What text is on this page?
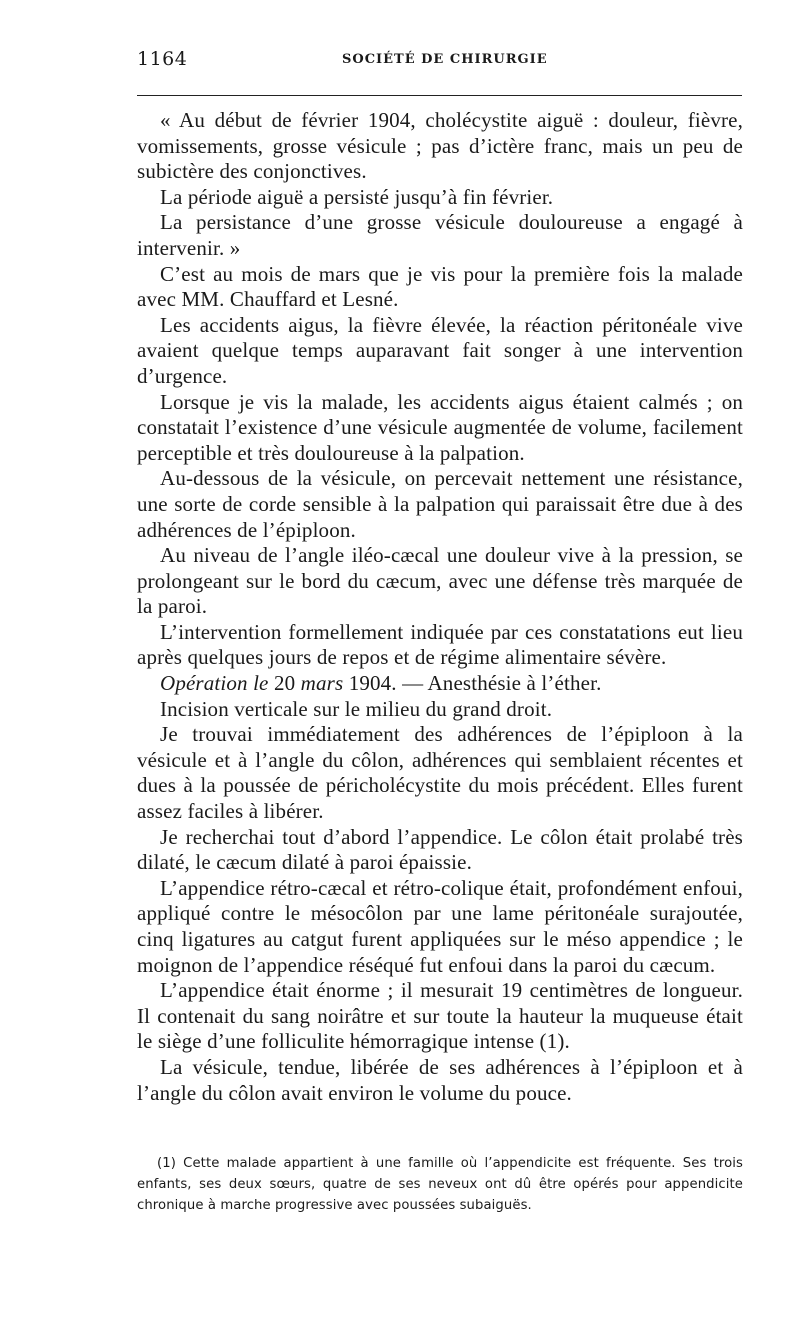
1164	SOCIÉTÉ DE CHIRURGIE

« Au début de février 1904, cholécystite aiguë : douleur, fièvre, vomissements, grosse vésicule ; pas d’ictère franc, mais un peu de subictère des conjonctives.

La période aiguë a persisté jusqu’à fin février.

La persistance d’une grosse vésicule douloureuse a engagé à intervenir. »

C’est au mois de mars que je vis pour la première fois la malade avec MM. Chauffard et Lesné.

Les accidents aigus, la fièvre élevée, la réaction péritonéale vive avaient quelque temps auparavant fait songer à une intervention d’urgence.

Lorsque je vis la malade, les accidents aigus étaient calmés ; on constatait l’existence d’une vésicule augmentée de volume, facilement perceptible et très douloureuse à la palpation.

Au-dessous de la vésicule, on percevait nettement une résistance, une sorte de corde sensible à la palpation qui paraissait être due à des adhérences de l’épiploon.

Au niveau de l’angle iléo-cæcal une douleur vive à la pression, se prolongeant sur le bord du cæcum, avec une défense très marquée de la paroi.

L’intervention formellement indiquée par ces constatations eut lieu après quelques jours de repos et de régime alimentaire sévère.

Opération le 20 mars 1904. — Anesthésie à l’éther.

Incision verticale sur le milieu du grand droit.

Je trouvai immédiatement des adhérences de l’épiploon à la vésicule et à l’angle du côlon, adhérences qui semblaient récentes et dues à la poussée de péricholécystite du mois précédent. Elles furent assez faciles à libérer.

Je recherchai tout d’abord l’appendice. Le côlon était prolabé très dilaté, le cæcum dilaté à paroi épaissie.

L’appendice rétro-cæcal et rétro-colique était, profondément enfoui, appliqué contre le mésocôlon par une lame péritonéale surajoutée, cinq ligatures au catgut furent appliquées sur le méso appendice ; le moignon de l’appendice réséqué fut enfoui dans la paroi du cæcum.

L’appendice était énorme ; il mesurait 19 centimètres de longueur. Il contenait du sang noirâtre et sur toute la hauteur la muqueuse était le siège d’une folliculite hémorragique intense (1).

La vésicule, tendue, libérée de ses adhérences à l’épiploon et à l’angle du côlon avait environ le volume du pouce.

(1) Cette malade appartient à une famille où l’appendicite est fréquente. Ses trois enfants, ses deux sœurs, quatre de ses neveux ont dû être opérés pour appendicite chronique à marche progressive avec poussées subaiguës.
